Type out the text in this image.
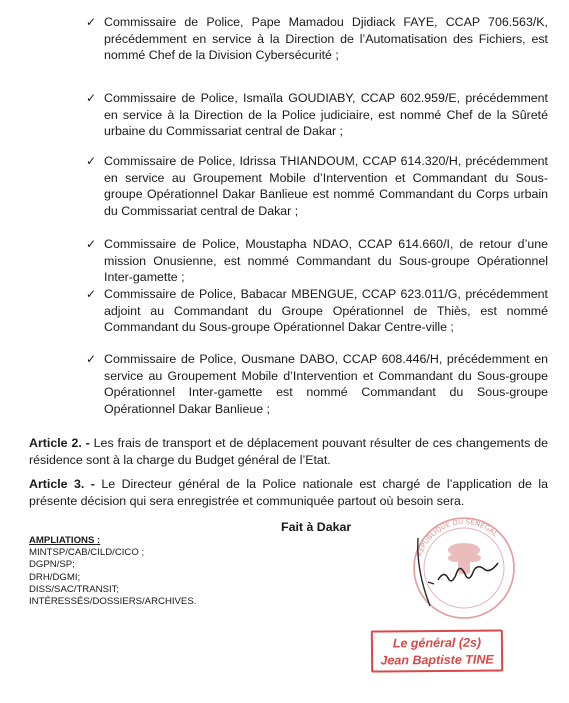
✓ Commissaire de Police, Pape Mamadou Djidiack FAYE, CCAP 706.563/K, précédemment en service à la Direction de l’Automatisation des Fichiers, est nommé Chef de la Division Cybersécurité ;
✓ Commissaire de Police, Ismaïla GOUDIABY, CCAP 602.959/E, précédemment en service à la Direction de la Police judiciaire, est nommé Chef de la Sûreté urbaine du Commissariat central de Dakar ;
✓ Commissaire de Police, Idrissa THIANDOUM, CCAP 614.320/H, précédemment en service au Groupement Mobile d’Intervention et Commandant du Sous-groupe Opérationnel Dakar Banlieue est nommé Commandant du Corps urbain du Commissariat central de Dakar ;
✓ Commissaire de Police, Moustapha NDAO, CCAP 614.660/I, de retour d’une mission Onusienne, est nommé Commandant du Sous-groupe Opérationnel Inter-gamette ;
✓ Commissaire de Police, Babacar MBENGUE, CCAP 623.011/G, précédemment adjoint au Commandant du Groupe Opérationnel de Thiès, est nommé Commandant du Sous-groupe Opérationnel Dakar Centre-ville ;
✓ Commissaire de Police, Ousmane DABO, CCAP 608.446/H, précédemment en service au Groupement Mobile d’Intervention et Commandant du Sous-groupe Opérationnel Inter-gamette est nommé Commandant du Sous-groupe Opérationnel Dakar Banlieue ;
Article 2. - Les frais de transport et de déplacement pouvant résulter de ces changements de résidence sont à la charge du Budget général de l’Etat.
Article 3. - Le Directeur général de la Police nationale est chargé de l’application de la présente décision qui sera enregistrée et communiquée partout où besoin sera.
Fait à Dakar
AMPLIATIONS :
MINTSP/CAB/CILD/CICO ;
DGPN/SP;
DRH/DGMI;
DISS/SAC/TRANSIT;
INTÉRESSÉS/DOSSIERS/ARCHIVES.
RÉPUBLIQUE DU SÉNÉGAL
Le général (2s)
Jean Baptiste TINE
